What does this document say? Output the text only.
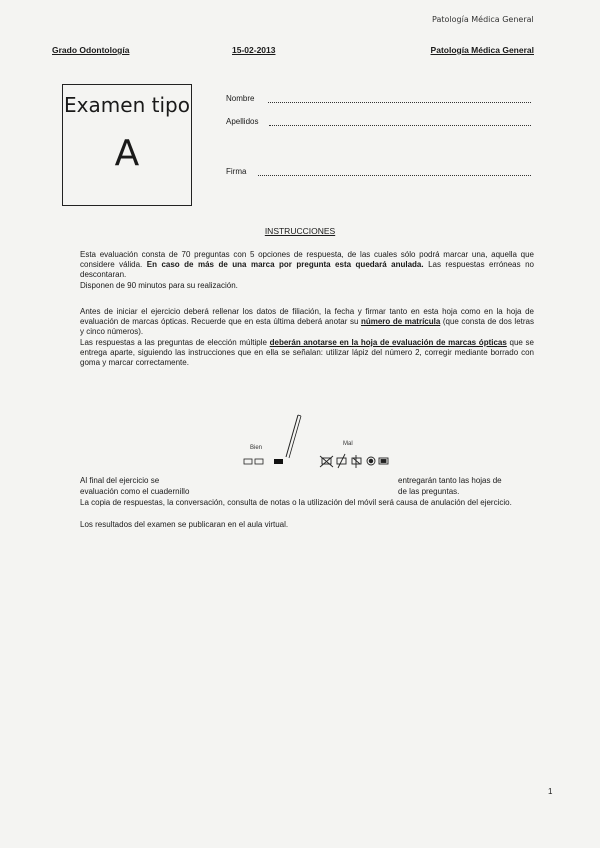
Patología Médica General
Grado Odontología	15-02-2013	Patología Médica General
Examen tipo
A
Nombre
Apellidos
Firma
INSTRUCCIONES
Esta evaluación consta de 70 preguntas con 5 opciones de respuesta, de las cuales sólo podrá marcar una, aquella que considere válida. En caso de más de una marca por pregunta esta quedará anulada. Las respuestas erróneas no descontaran.
Disponen de 90 minutos para su realización.
Antes de iniciar el ejercicio deberá rellenar los datos de filiación, la fecha y firmar tanto en esta hoja como en la hoja de evaluación de marcas ópticas. Recuerde que en esta última deberá anotar su número de matrícula (que consta de dos letras y cinco números).
Las respuestas a las preguntas de elección múltiple deberán anotarse en la hoja de evaluación de marcas ópticas que se entrega aparte, siguiendo las instrucciones que en ella se señalan: utilizar lápiz del número 2, corregir mediante borrado con goma y marcar correctamente.
Bien
Mal
Al final del ejercicio se	entregarán tanto las hojas de
evaluación como el cuadernillo	de las preguntas.
La copia de respuestas, la conversación, consulta de notas o la utilización del móvil será causa de anulación del ejercicio.
Los resultados del examen se publicaran en el aula virtual.
1
